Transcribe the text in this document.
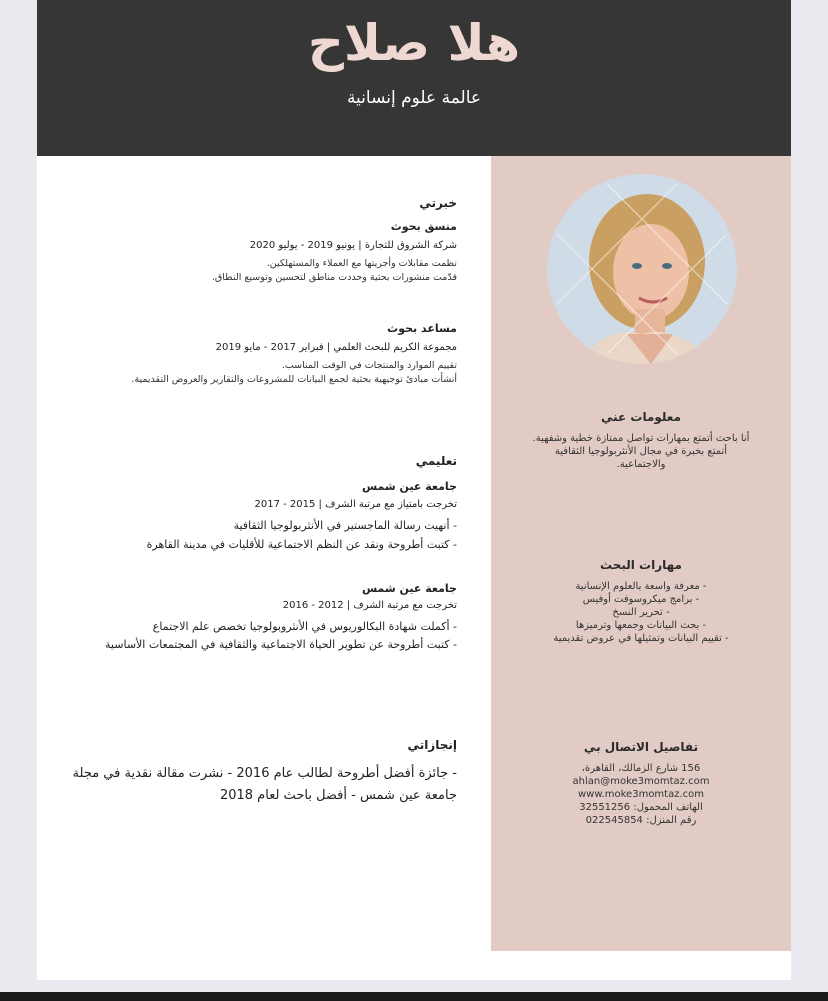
هلا صلاح
عالمة علوم إنسانية
خبرتي
منسق بحوث
شركة الشروق للتجارة | يونيو 2019 - يوليو 2020
نظمت مقابلات وأجريتها مع العملاء والمستهلكين.
قدّمت منشورات بحثية وحددت مناطق لتحسين وتوسيع النطاق.
مساعد بحوث
مجموعة الكريم للبحث العلمي | فبراير 2017 - مايو 2019
تقييم الموارد والمنتجات في الوقت المناسب.
أنشأت مبادئ توجيهية بحثية لجمع البيانات للمشروعات والتقارير والعروض التقديمية.
تعليمي
جامعة عين شمس
تخرجت بامتياز مع مرتبة الشرف | 2015 - 2017
- أنهيت رسالة الماجستير في الأنثربولوجيا الثقافية
- كتبت أطروحة ونقد عن النظم الاجتماعية للأقليات في مدينة القاهرة
جامعة عين شمس
تخرجت مع مرتبة الشرف | 2012 - 2016
- أكملت شهادة البكالوريوس في الأنثروبولوجيا تخصص علم الاجتماع
- كتبت أطروحة عن تطوير الحياة الاجتماعية والثقافية في المجتمعات الأساسية
إنجازاتي
- جائزة أفضل أطروحة لطالب عام 2016 - نشرت مقالة نقدية في مجلة جامعة عين شمس - أفضل باحث لعام 2018
معلومات عني
أنا باحث أتمتع بمهارات تواصل ممتازة خطية وشفهية.
أتمتع بخبرة في مجال الأنثربولوجيا الثقافية
والاجتماعية.
مهارات البحث
- معرفة واسعة بالعلوم الإنسانية
- برامج ميكروسوفت أوفيس
- تحرير النسخ
- بحث البيانات وجمعها وترميزها
- تقييم البيانات وتمثيلها في عروض تقديمية
تفاصيل الاتصال بي
156 شارع الزمالك، القاهرة،
ahlan@moke3momtaz.com
www.moke3momtaz.com
الهاتف المحمول: 32551256
رقم المنزل: 022545854
